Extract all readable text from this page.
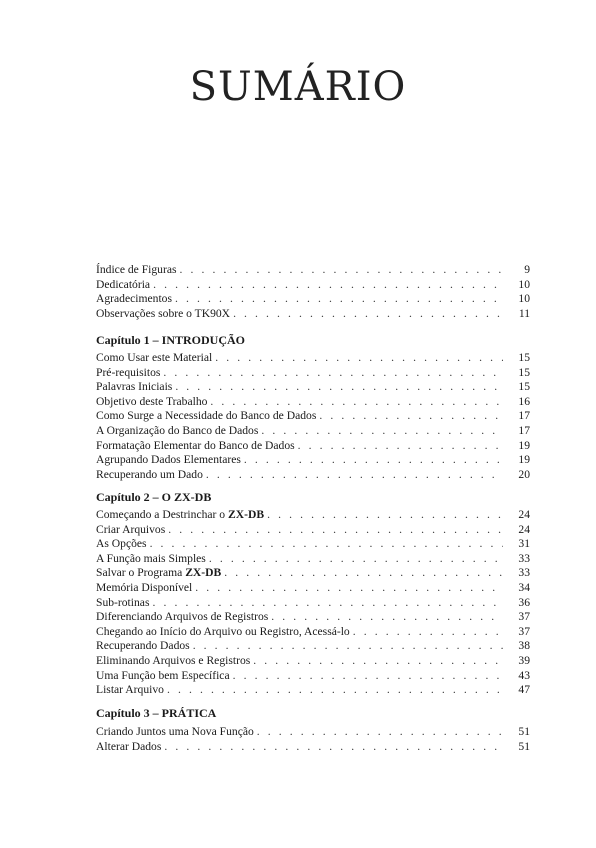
SUMÁRIO
Índice de Figuras . . .	9
Dedicatória . . .	10
Agradecimentos . . .	10
Observações sobre o TK90X . . .	11
Capítulo 1 – INTRODUÇÃO
Como Usar este Material . . .	15
Pré-requisitos . . .	15
Palavras Iniciais . . .	15
Objetivo deste Trabalho . . .	16
Como Surge a Necessidade do Banco de Dados . . .	17
A Organização do Banco de Dados . . .	17
Formatação Elementar do Banco de Dados . . .	19
Agrupando Dados Elementares . . .	19
Recuperando um Dado . . .	20
Capítulo 2 – O ZX-DB
Começando a Destrinchar o ZX-DB . . .	24
Criar Arquivos . . .	24
As Opções . . .	31
A Função mais Simples . . .	33
Salvar o Programa ZX-DB . . .	33
Memória Disponível . . .	34
Sub-rotinas . . .	36
Diferenciando Arquivos de Registros . . .	37
Chegando ao Início do Arquivo ou Registro, Acessá-lo . . .	37
Recuperando Dados . . .	38
Eliminando Arquivos e Registros . . .	39
Uma Função bem Específica . . .	43
Listar Arquivo . . .	47
Capítulo 3 – PRÁTICA
Criando Juntos uma Nova Função . . .	51
Alterar Dados . . .	51
